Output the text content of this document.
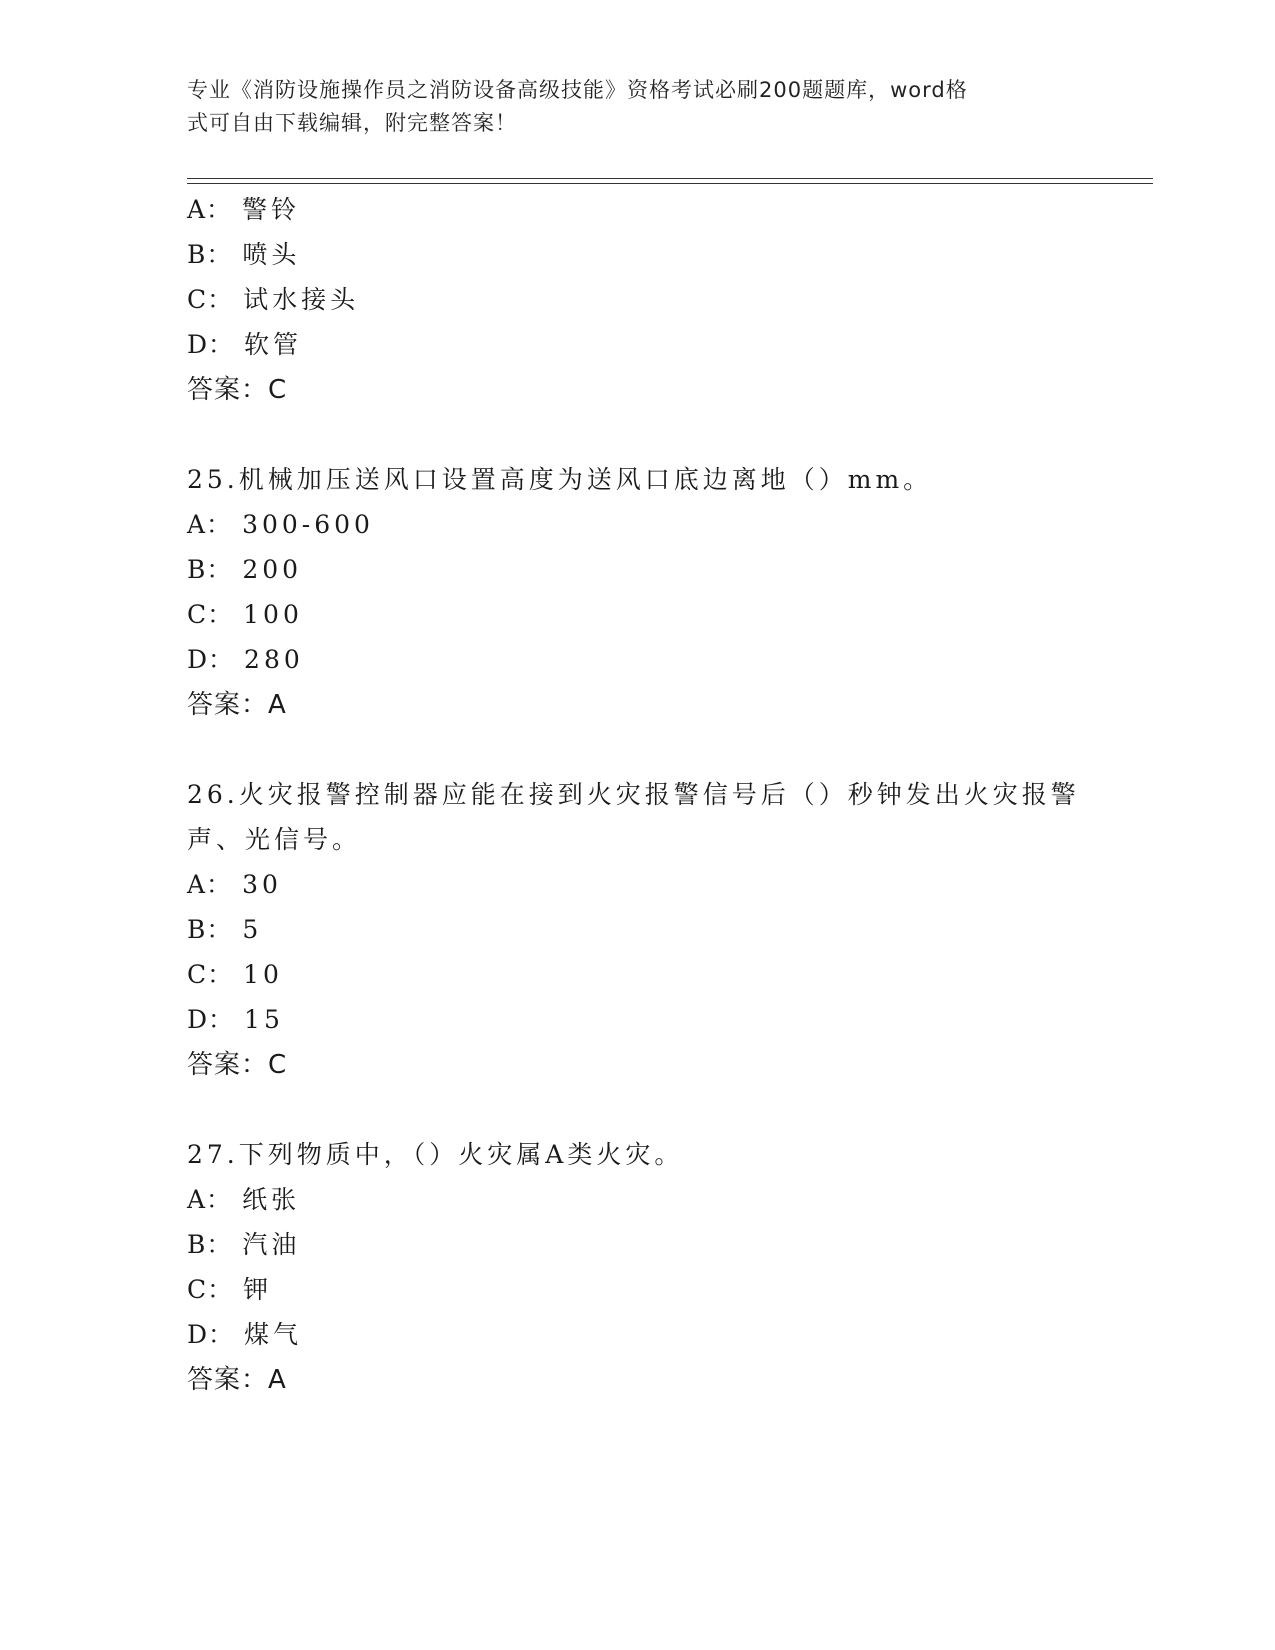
专业《消防设施操作员之消防设备高级技能》资格考试必刷200题题库，word格
式可自由下载编辑，附完整答案！
A： 警铃
B： 喷头
C： 试水接头
D： 软管
答案：C
25.机械加压送风口设置高度为送风口底边离地（）mm。
A： 300-600
B： 200
C： 100
D： 280
答案：A
26.火灾报警控制器应能在接到火灾报警信号后（）秒钟发出火灾报警
声、光信号。
A： 30
B： 5
C： 10
D： 15
答案：C
27.下列物质中，（）火灾属A类火灾。
A： 纸张
B： 汽油
C： 钾
D： 煤气
答案：A
